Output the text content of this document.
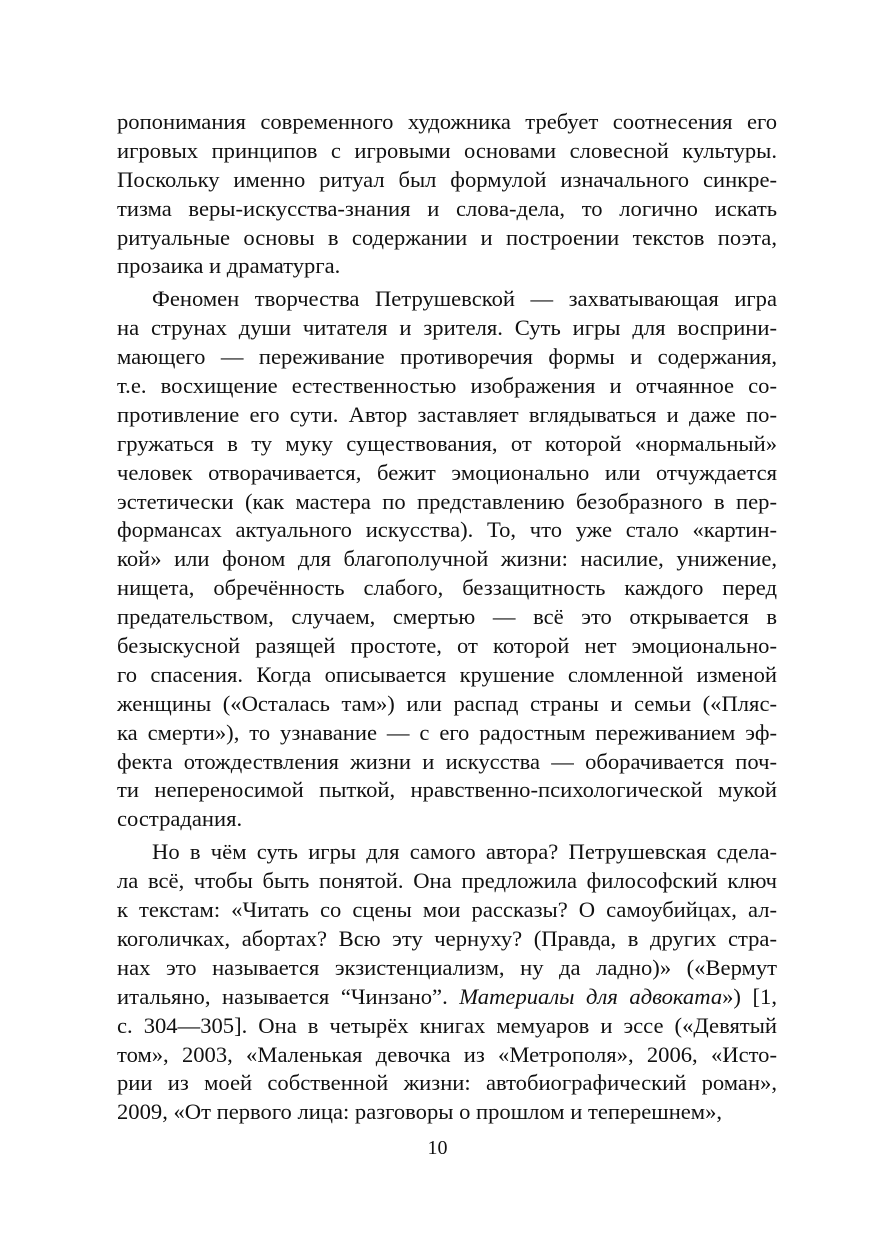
ропонимания современного художника требует соотнесения его
игровых принципов с игровыми основами словесной культуры.
Поскольку именно ритуал был формулой изначального синкре-
тизма веры-искусства-знания и слова-дела, то логично искать
ритуальные основы в содержании и построении текстов поэта,
прозаика и драматурга.
Феномен творчества Петрушевской — захватывающая игра
на струнах души читателя и зрителя. Суть игры для восприни-
мающего — переживание противоречия формы и содержания,
т.е. восхищение естественностью изображения и отчаянное со-
противление его сути. Автор заставляет вглядываться и даже по-
гружаться в ту муку существования, от которой «нормальный»
человек отворачивается, бежит эмоционально или отчуждается
эстетически (как мастера по представлению безобразного в пер-
формансах актуального искусства). То, что уже стало «картин-
кой» или фоном для благополучной жизни: насилие, унижение,
нищета, обречённость слабого, беззащитность каждого перед
предательством, случаем, смертью — всё это открывается в
безыскусной разящей простоте, от которой нет эмоционально-
го спасения. Когда описывается крушение сломленной изменой
женщины («Осталась там») или распад страны и семьи («Пляс-
ка смерти»), то узнавание — с его радостным переживанием эф-
фекта отождествления жизни и искусства — оборачивается поч-
ти непереносимой пыткой, нравственно-психологической мукой
сострадания.
Но в чём суть игры для самого автора? Петрушевская сдела-
ла всё, чтобы быть понятой. Она предложила философский ключ
к текстам: «Читать со сцены мои рассказы? О самоубийцах, ал-
коголичках, абортах? Всю эту чернуху? (Правда, в других стра-
нах это называется экзистенциализм, ну да ладно)» («Вермут
итальяно, называется “Чинзано”. Материалы для адвоката») [1,
с. 304—305]. Она в четырёх книгах мемуаров и эссе («Девятый
том», 2003, «Маленькая девочка из «Метрополя», 2006, «Исто-
рии из моей собственной жизни: автобиографический роман»,
2009, «От первого лица: разговоры о прошлом и теперешнем»,
10
